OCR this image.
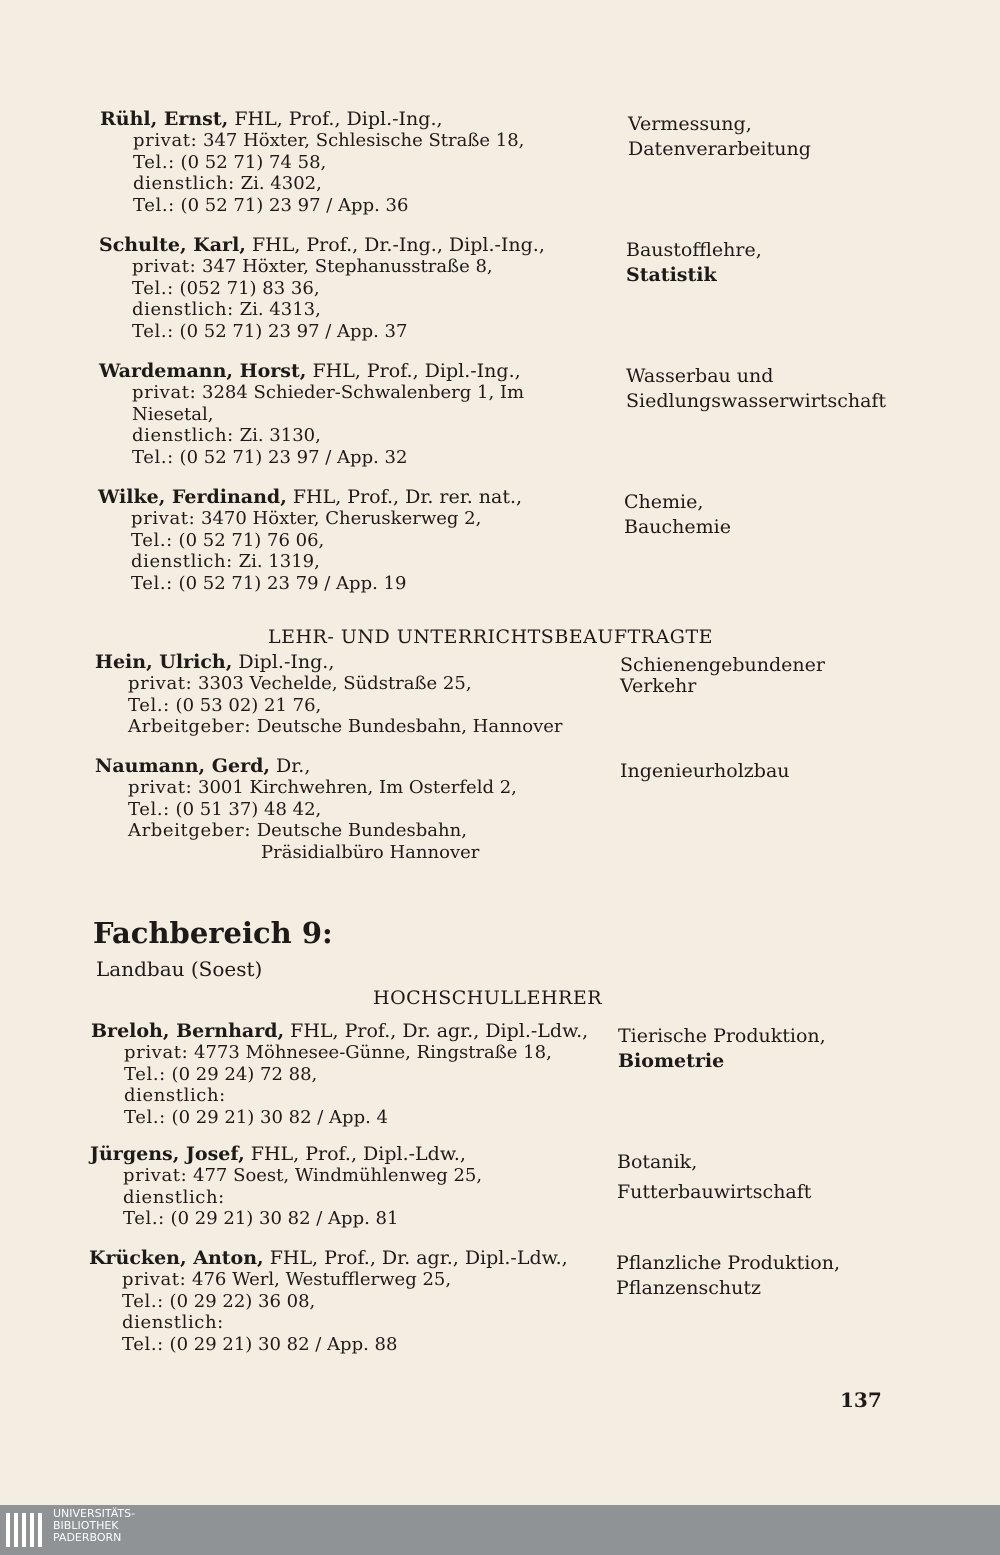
Rühl, Ernst, FHL, Prof., Dipl.-Ing.,
privat: 347 Höxter, Schlesische Straße 18,
Tel.: (0 52 71) 74 58,
dienstlich: Zi. 4302,
Tel.: (0 52 71) 23 97 / App. 36
Vermessung,
Datenverarbeitung
Schulte, Karl, FHL, Prof., Dr.-Ing., Dipl.-Ing.,
privat: 347 Höxter, Stephanusstraße 8,
Tel.: (052 71) 83 36,
dienstlich: Zi. 4313,
Tel.: (0 52 71) 23 97 / App. 37
Baustofflehre,
Statistik
Wardemann, Horst, FHL, Prof., Dipl.-Ing.,
privat: 3284 Schieder-Schwalenberg 1, Im
Niesetal,
dienstlich: Zi. 3130,
Tel.: (0 52 71) 23 97 / App. 32
Wasserbau und
Siedlungswasserwirtschaft
Wilke, Ferdinand, FHL, Prof., Dr. rer. nat.,
privat: 3470 Höxter, Cheruskerweg 2,
Tel.: (0 52 71) 76 06,
dienstlich: Zi. 1319,
Tel.: (0 52 71) 23 79 / App. 19
Chemie,
Bauchemie
LEHR- UND UNTERRICHTSBEAUFTRAGTE
Hein, Ulrich, Dipl.-Ing.,
privat: 3303 Vechelde, Südstraße 25,
Tel.: (0 53 02) 21 76,
Arbeitgeber: Deutsche Bundesbahn, Hannover
Schienengebundener
Verkehr
Naumann, Gerd, Dr.,
privat: 3001 Kirchwehren, Im Osterfeld 2,
Tel.: (0 51 37) 48 42,
Arbeitgeber: Deutsche Bundesbahn,
Präsidialbüro Hannover
Ingenieurholzbau
Fachbereich 9:
Landbau (Soest)
HOCHSCHULLEHRER
Breloh, Bernhard, FHL, Prof., Dr. agr., Dipl.-Ldw.,
privat: 4773 Möhnesee-Günne, Ringstraße 18,
Tel.: (0 29 24) 72 88,
dienstlich:
Tel.: (0 29 21) 30 82 / App. 4
Tierische Produktion,
Biometrie
Jürgens, Josef, FHL, Prof., Dipl.-Ldw.,
privat: 477 Soest, Windmühlenweg 25,
dienstlich:
Tel.: (0 29 21) 30 82 / App. 81
Botanik,
Futterbauwirtschaft
Krücken, Anton, FHL, Prof., Dr. agr., Dipl.-Ldw.,
privat: 476 Werl, Westufflerweg 25,
Tel.: (0 29 22) 36 08,
dienstlich:
Tel.: (0 29 21) 30 82 / App. 88
Pflanzliche Produktion,
Pflanzenschutz
137
UNIVERSITÄTS-
BIBLIOTHEK
PADERBORN
